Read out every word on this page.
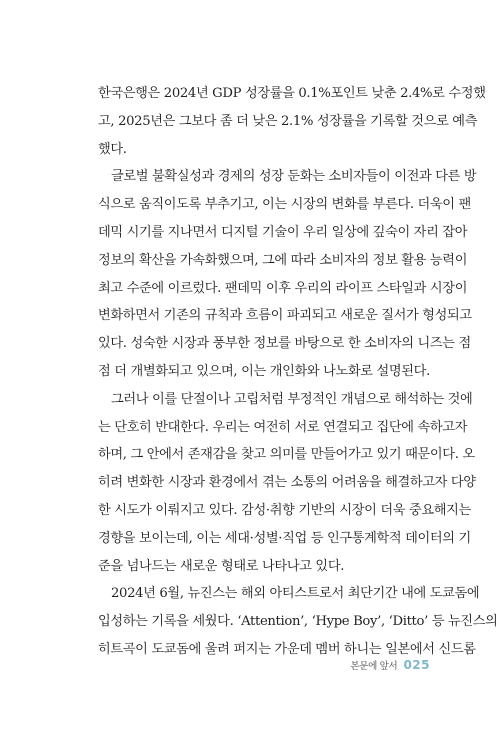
한국은행은 2024년 GDP 성장률을 0.1%포인트 낮춘 2.4%로 수정했
고, 2025년은 그보다 좀 더 낮은 2.1% 성장률을 기록할 것으로 예측
했다.
글로벌 불확실성과 경제의 성장 둔화는 소비자들이 이전과 다른 방
식으로 움직이도록 부추기고, 이는 시장의 변화를 부른다. 더욱이 팬
데믹 시기를 지나면서 디지털 기술이 우리 일상에 깊숙이 자리 잡아
정보의 확산을 가속화했으며, 그에 따라 소비자의 정보 활용 능력이
최고 수준에 이르렀다. 팬데믹 이후 우리의 라이프 스타일과 시장이
변화하면서 기존의 규칙과 흐름이 파괴되고 새로운 질서가 형성되고
있다. 성숙한 시장과 풍부한 정보를 바탕으로 한 소비자의 니즈는 점
점 더 개별화되고 있으며, 이는 개인화와 나노화로 설명된다.
그러나 이를 단절이나 고립처럼 부정적인 개념으로 해석하는 것에
는 단호히 반대한다. 우리는 여전히 서로 연결되고 집단에 속하고자
하며, 그 안에서 존재감을 찾고 의미를 만들어가고 있기 때문이다. 오
히려 변화한 시장과 환경에서 겪는 소통의 어려움을 해결하고자 다양
한 시도가 이뤄지고 있다. 감성·취향 기반의 시장이 더욱 중요해지는
경향을 보이는데, 이는 세대·성별·직업 등 인구통계학적 데이터의 기
준을 넘나드는 새로운 형태로 나타나고 있다.
2024년 6월, 뉴진스는 해외 아티스트로서 최단기간 내에 도쿄돔에
입성하는 기록을 세웠다. ‘Attention’, ‘Hype Boy’, ‘Ditto’ 등 뉴진스의
히트곡이 도쿄돔에 울려 퍼지는 가운데 멤버 하니는 일본에서 신드롬
본문에 앞서 025
